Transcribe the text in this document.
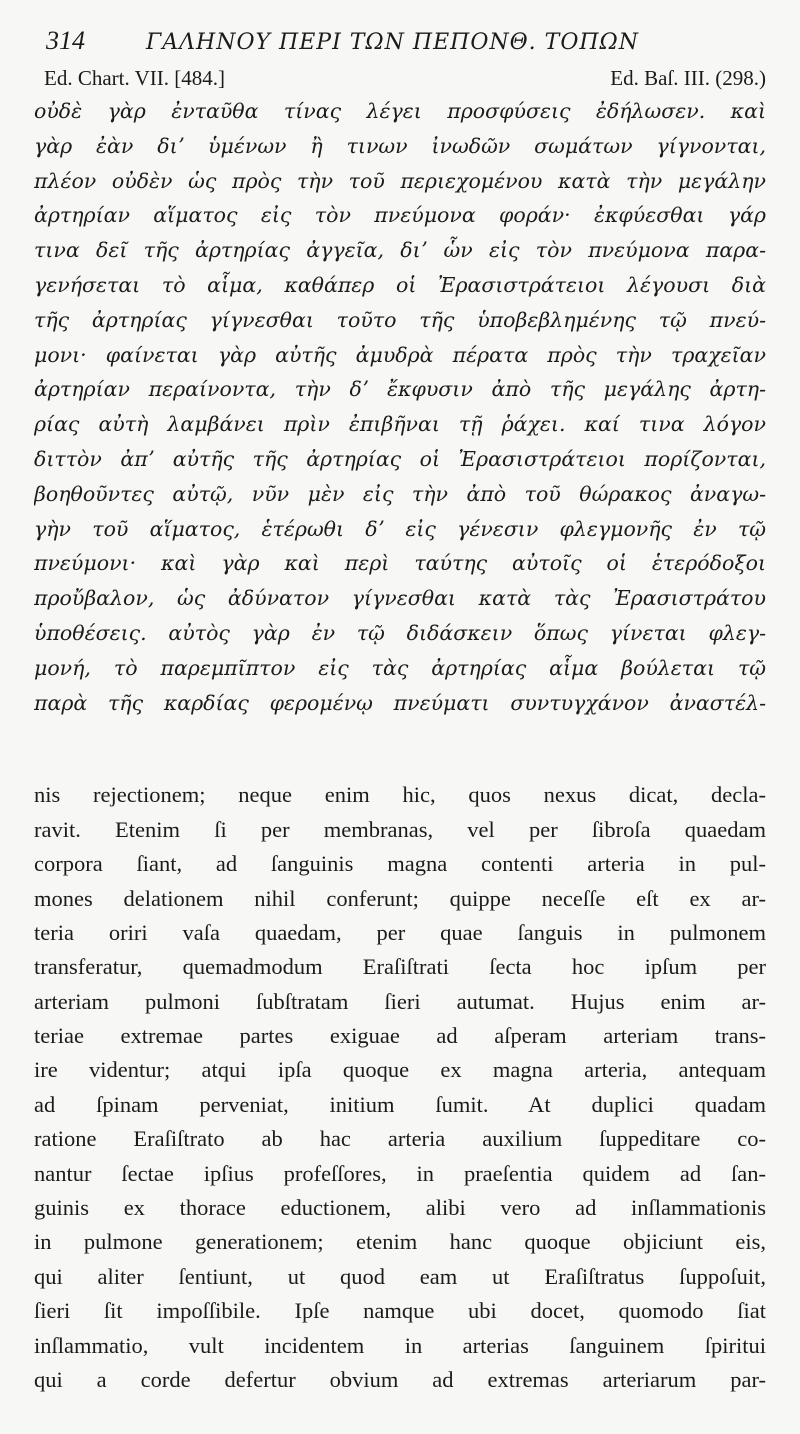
314	ΓΑΛΗΝΟΥ ΠΕΡΙ ΤΩΝ ΠΕΠΟΝΘ. ΤΟΠΩΝ
Ed. Chart. VII. [484.]	Ed. Baſ. III. (298.)
οὐδὲ γὰρ ἐνταῦθα τίνας λέγει προσφύσεις ἐδήλωσεν. καὶ
γὰρ ἐὰν διʼ ὑμένων ἢ τινων ἰνωδῶν σωμάτων γίγνονται,
πλέον οὐδὲν ὡς πρὸς τὴν τοῦ περιεχομένου κατὰ τὴν μεγάλην
ἀρτηρίαν αἵματος εἰς τὸν πνεύμονα φοράν· ἐκφύεσθαι γάρ
τινα δεῖ τῆς ἀρτηρίας ἀγγεῖα, διʼ ὧν εἰς τὸν πνεύμονα παρα-
γενήσεται τὸ αἷμα, καθάπερ οἱ Ἐρασιστράτειοι λέγουσι διὰ
τῆς ἀρτηρίας γίγνεσθαι τοῦτο τῆς ὑποβεβλημένης τῷ πνεύ-
μονι· φαίνεται γὰρ αὐτῆς ἀμυδρὰ πέρατα πρὸς τὴν τραχεῖαν
ἀρτηρίαν περαίνοντα, τὴν δʼ ἔκφυσιν ἀπὸ τῆς μεγάλης ἀρτη-
ρίας αὐτὴ λαμβάνει πρὶν ἐπιβῆναι τῇ ῥάχει. καί τινα λόγον
διττὸν ἀπʼ αὐτῆς τῆς ἀρτηρίας οἱ Ἐρασιστράτειοι πορίζονται,
βοηθοῦντες αὐτῷ, νῦν μὲν εἰς τὴν ἀπὸ τοῦ θώρακος ἀναγω-
γὴν τοῦ αἵματος, ἑτέρωθι δʼ εἰς γένεσιν φλεγμονῆς ἐν τῷ
πνεύμονι· καὶ γὰρ καὶ περὶ ταύτης αὐτοῖς οἱ ἑτερόδοξοι
προὔβαλον, ὡς ἀδύνατον γίγνεσθαι κατὰ τὰς Ἐρασιστράτου
ὑποθέσεις. αὐτὸς γὰρ ἐν τῷ διδάσκειν ὅπως γίνεται φλεγ-
μονή, τὸ παρεμπῖπτον εἰς τὰς ἀρτηρίας αἷμα βούλεται τῷ
παρὰ τῆς καρδίας φερομένῳ πνεύματι συντυγχάνον ἀναστέλ-
nis rejectionem; neque enim hic, quos nexus dicat, decla-
ravit. Etenim ſi per membranas, vel per ſibroſa quaedam
corpora ſiant, ad ſanguinis magna contenti arteria in pul-
mones delationem nihil conferunt; quippe neceſſe eſt ex ar-
teria oriri vaſa quaedam, per quae ſanguis in pulmonem
transferatur, quemadmodum Eraſiſtrati ſecta hoc ipſum per
arteriam pulmoni ſubſtratam ſieri autumat. Hujus enim ar-
teriae extremae partes exiguae ad aſperam arteriam trans-
ire videntur; atqui ipſa quoque ex magna arteria, antequam
ad ſpinam perveniat, initium ſumit. At duplici quadam
ratione Eraſiſtrato ab hac arteria auxilium ſuppeditare co-
nantur ſectae ipſius profeſſores, in praeſentia quidem ad ſan-
guinis ex thorace eductionem, alibi vero ad inſlammationis
in pulmone generationem; etenim hanc quoque objiciunt eis,
qui aliter ſentiunt, ut quod eam ut Eraſiſtratus ſuppoſuit,
ſieri ſit impoſſibile. Ipſe namque ubi docet, quomodo ſiat
inſlammatio, vult incidentem in arterias ſanguinem ſpiritui
qui a corde defertur obvium ad extremas arteriarum par-
